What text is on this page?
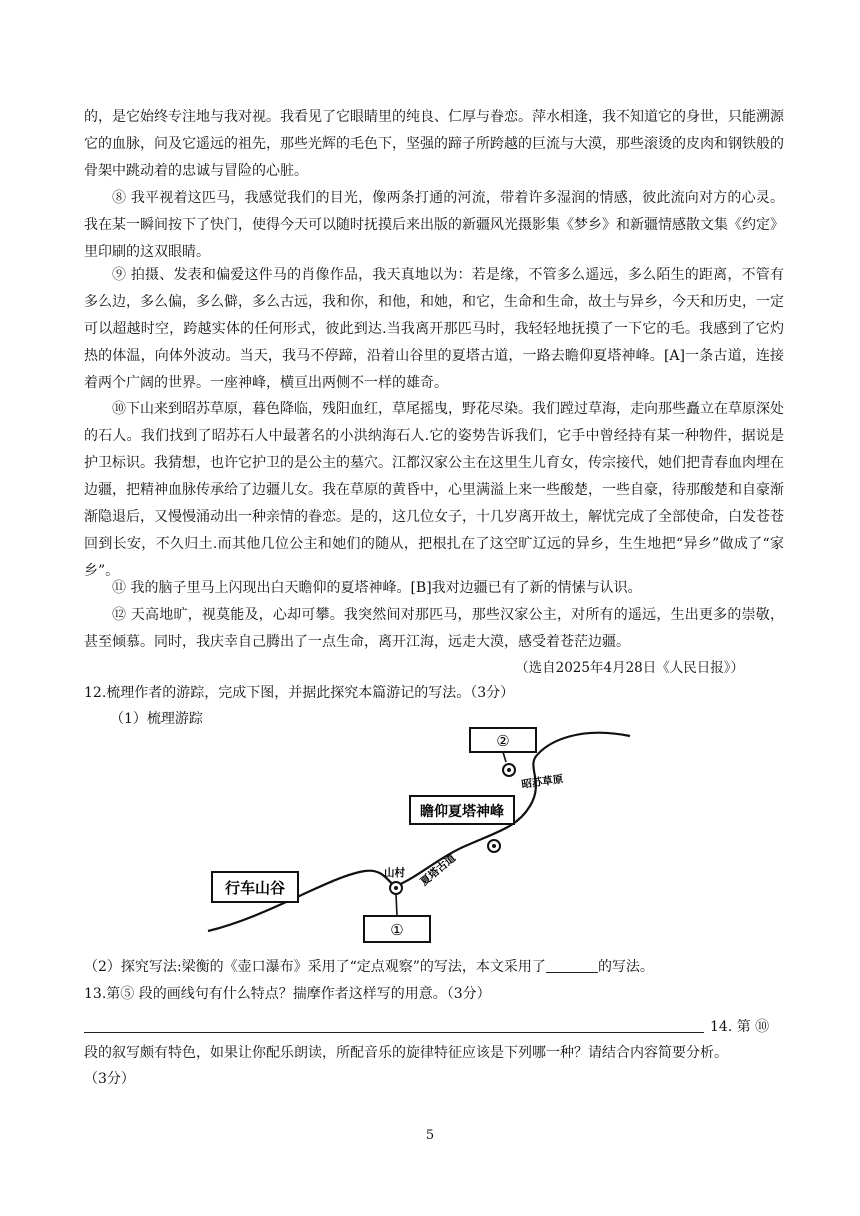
的，是它始终专注地与我对视。我看见了它眼睛里的纯良、仁厚与眷恋。萍水相逢，我不知道它的身世，只能溯源它的血脉，问及它遥远的祖先，那些光辉的毛色下，坚强的蹄子所跨越的巨流与大漠，那些滚烫的皮肉和钢铁般的骨架中跳动着的忠诚与冒险的心脏。

⑧ 我平视着这匹马，我感觉我们的目光，像两条打通的河流，带着许多湿润的情感，彼此流向对方的心灵。我在某一瞬间按下了快门，使得今天可以随时抚摸后来出版的新疆风光摄影集《梦乡》和新疆情感散文集《约定》里印刷的这双眼睛。

⑨ 拍摄、发表和偏爱这件马的肖像作品，我天真地以为：若是缘，不管多么遥远，多么陌生的距离，不管有多么边，多么偏，多么僻，多么古远，我和你，和他，和她，和它，生命和生命，故土与异乡，今天和历史，一定可以超越时空，跨越实体的任何形式，彼此到达.当我离开那匹马时，我轻轻地抚摸了一下它的毛。我感到了它灼热的体温，向体外波动。当天，我马不停蹄，沿着山谷里的夏塔古道，一路去瞻仰夏塔神峰。[A]一条古道，连接着两个广阔的世界。一座神峰，横亘出两侧不一样的雄奇。

⑩下山来到昭苏草原，暮色降临，残阳血红，草尾摇曳，野花尽染。我们蹚过草海，走向那些矗立在草原深处的石人。我们找到了昭苏石人中最著名的小洪纳海石人.它的姿势告诉我们，它手中曾经持有某一种物件，据说是护卫标识。我猜想，也许它护卫的是公主的墓穴。江都汉家公主在这里生儿育女，传宗接代，她们把青春血肉埋在边疆，把精神血脉传承给了边疆儿女。我在草原的黄昏中，心里满溢上来一些酸楚，一些自豪，待那酸楚和自豪渐渐隐退后，又慢慢涌动出一种亲情的眷恋。是的，这几位女子，十几岁离开故土，解忧完成了全部使命，白发苍苍回到长安，不久归土.而其他几位公主和她们的随从，把根扎在了这空旷辽远的异乡，生生地把“异乡”做成了“家乡”。

⑪ 我的脑子里马上闪现出白天瞻仰的夏塔神峰。[B]我对边疆已有了新的情愫与认识。

⑫ 天高地旷，视莫能及，心却可攀。我突然间对那匹马，那些汉家公主，对所有的遥远，生出更多的崇敬，甚至倾慕。同时，我庆幸自己腾出了一点生命，离开江海，远走大漠，感受着苍茫边疆。

（选自2025年4月28日《人民日报》）

12.梳理作者的游踪，完成下图，并据此探究本篇游记的写法。（3分）

（1）梳理游踪

行车山谷
①
②
瞻仰夏塔神峰
山村 夏塔古道
昭苏草原

（2）探究写法:梁衡的《壶口瀑布》采用了“定点观察”的写法，本文采用了	的写法。

13.第⑤ 段的画线句有什么特点？揣摩作者这样写的用意。（3分）

14. 第 ⑩

段的叙写颇有特色，如果让你配乐朗读，所配音乐的旋律特征应该是下列哪一种？请结合内容简要分析。

（3分）

5
